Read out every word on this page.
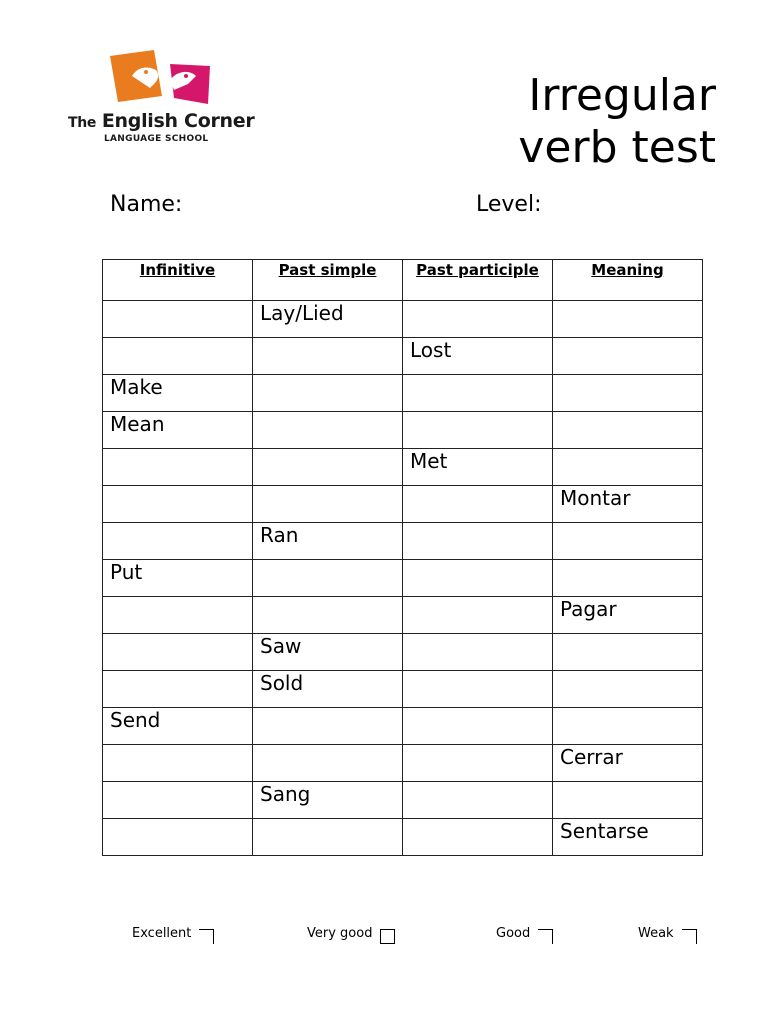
The English Corner
LANGUAGE SCHOOL
Irregular
verb test
Name:	Level:
Infinitive	Past simple	Past participle	Meaning
	Lay/Lied		
		Lost	
Make			
Mean			
		Met	
			Montar
	Ran		
Put			
			Pagar
	Saw		
	Sold		
Send			
			Cerrar
	Sang		
			Sentarse
Excellent	Very good	Good	Weak
